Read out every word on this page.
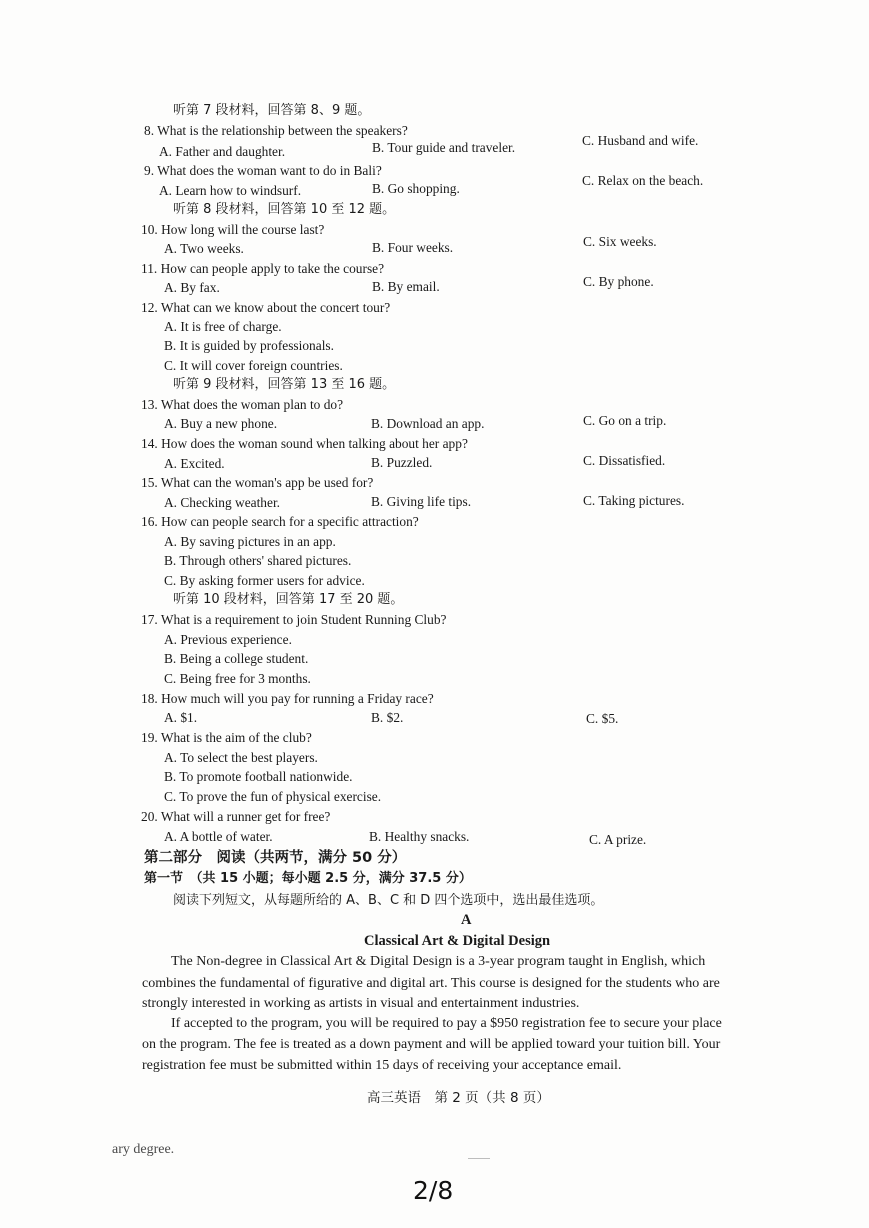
听第 7 段材料，回答第 8、9 题。
8. What is the relationship between the speakers?
A. Father and daughter.	B. Tour guide and traveler.	C. Husband and wife.
9. What does the woman want to do in Bali?
A. Learn how to windsurf.	B. Go shopping.
C. Relax on the beach.
听第 8 段材料，回答第 10 至 12 题。
10. How long will the course last?
A. Two weeks.	B. Four weeks.	C. Six weeks.
11. How can people apply to take the course?
A. By fax.	B. By email.	C. By phone.
12. What can we know about the concert tour?
A. It is free of charge.
B. It is guided by professionals.
C. It will cover foreign countries.
听第 9 段材料，回答第 13 至 16 题。
13. What does the woman plan to do?
A. Buy a new phone.	B. Download an app.	C. Go on a trip.
14. How does the woman sound when talking about her app?
A. Excited.	B. Puzzled.	C. Dissatisfied.
15. What can the woman's app be used for?
A. Checking weather.	B. Giving life tips.	C. Taking pictures.
16. How can people search for a specific attraction?
A. By saving pictures in an app.
B. Through others' shared pictures.
C. By asking former users for advice.
听第 10 段材料，回答第 17 至 20 题。
17. What is a requirement to join Student Running Club?
A. Previous experience.
B. Being a college student.
C. Being free for 3 months.
18. How much will you pay for running a Friday race?
A. $1.	B. $2.	C. $5.
19. What is the aim of the club?
A. To select the best players.
B. To promote football nationwide.
C. To prove the fun of physical exercise.
20. What will a runner get for free?
A. A bottle of water.	B. Healthy snacks.	C. A prize.
第二部分　阅读（共两节，满分 50 分）
第一节　（共 15 小题；每小题 2.5 分，满分 37.5 分）
阅读下列短文，从每题所给的 A、B、C 和 D 四个选项中，选出最佳选项。
A
Classical Art & Digital Design
The Non-degree in Classical Art & Digital Design is a 3-year program taught in English, which
combines the fundamental of figurative and digital art. This course is designed for the students who are
strongly interested in working as artists in visual and entertainment industries.
If accepted to the program, you will be required to pay a $950 registration fee to secure your place
on the program. The fee is treated as a down payment and will be applied toward your tuition bill. Your
registration fee must be submitted within 15 days of receiving your acceptance email.
高三英语　第 2 页（共 8 页）
ary degree.
2/8
